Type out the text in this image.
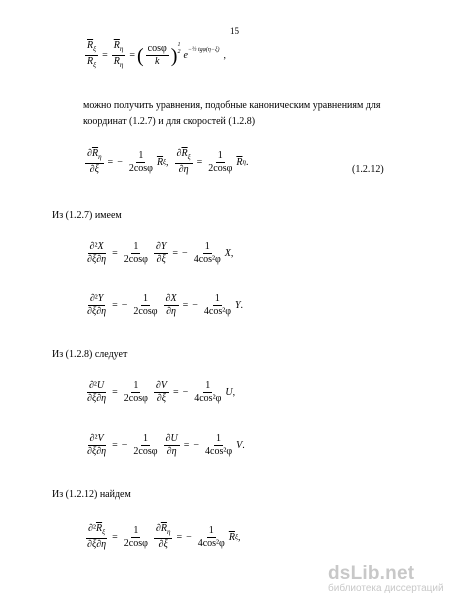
15
$\frac{\overline{R}_\xi}{R_\xi} = \frac{\overline{R}_\eta}{R_\eta}$ = ( $\frac{\cos\varphi}{k}$ ) 1
2 e
−½ tgφ(η−ξ)
,
можно получить уравнения, подобные каноническим уравнениям для
координат (1.2.7) и для скоростей (1.2.8)
$\frac{\partial\overline{R}_\eta}{\partial\xi}$ = − $\frac{1}{2\cos\varphi} \overline{R}$ ξ , $\frac{\partial\overline{R}_\xi}{\partial\eta} = \frac{1}{2\cos\varphi} \overline{R}$ η .
(1.2.12)
Из (1.2.7) имеем
$\frac{\text{∂²X}}{\partial\xi\partial\eta} = \frac{1}{2\cos\varphi} \frac{\partial Y}{\partial\xi}$ = − $\frac{1}{\text{4cos²φ}}$ X ,
$\frac{\text{∂²Y}}{\partial\xi\partial\eta}$ = − $\frac{1}{2\cos\varphi} \frac{\partial X}{\partial\eta}$ = − $\frac{1}{\text{4cos²φ}}$ Y .
Из (1.2.8) следует
$\frac{\text{∂²U}}{\partial\xi\partial\eta} = \frac{1}{2\cos\varphi} \frac{\partial V}{\partial\xi}$ = − $\frac{1}{\text{4cos²φ}}$ U ,
$\frac{\text{∂²V}}{\partial\xi\partial\eta}$ = − $\frac{1}{2\cos\varphi} \frac{\partial U}{\partial\eta}$ = − $\frac{1}{\text{4cos²φ}}$ V .
Из (1.2.12) найдем
$\frac{\partial^2\overline{R}_\xi}{\partial\xi\partial\eta} = \frac{1}{2\cos\varphi} \frac{\partial\overline{R}_\eta}{\partial\xi}$ = − $\frac{1}{\text{4cos²φ}} \overline{R}$ ξ ,
dsLib.net
библиотека диссертаций
